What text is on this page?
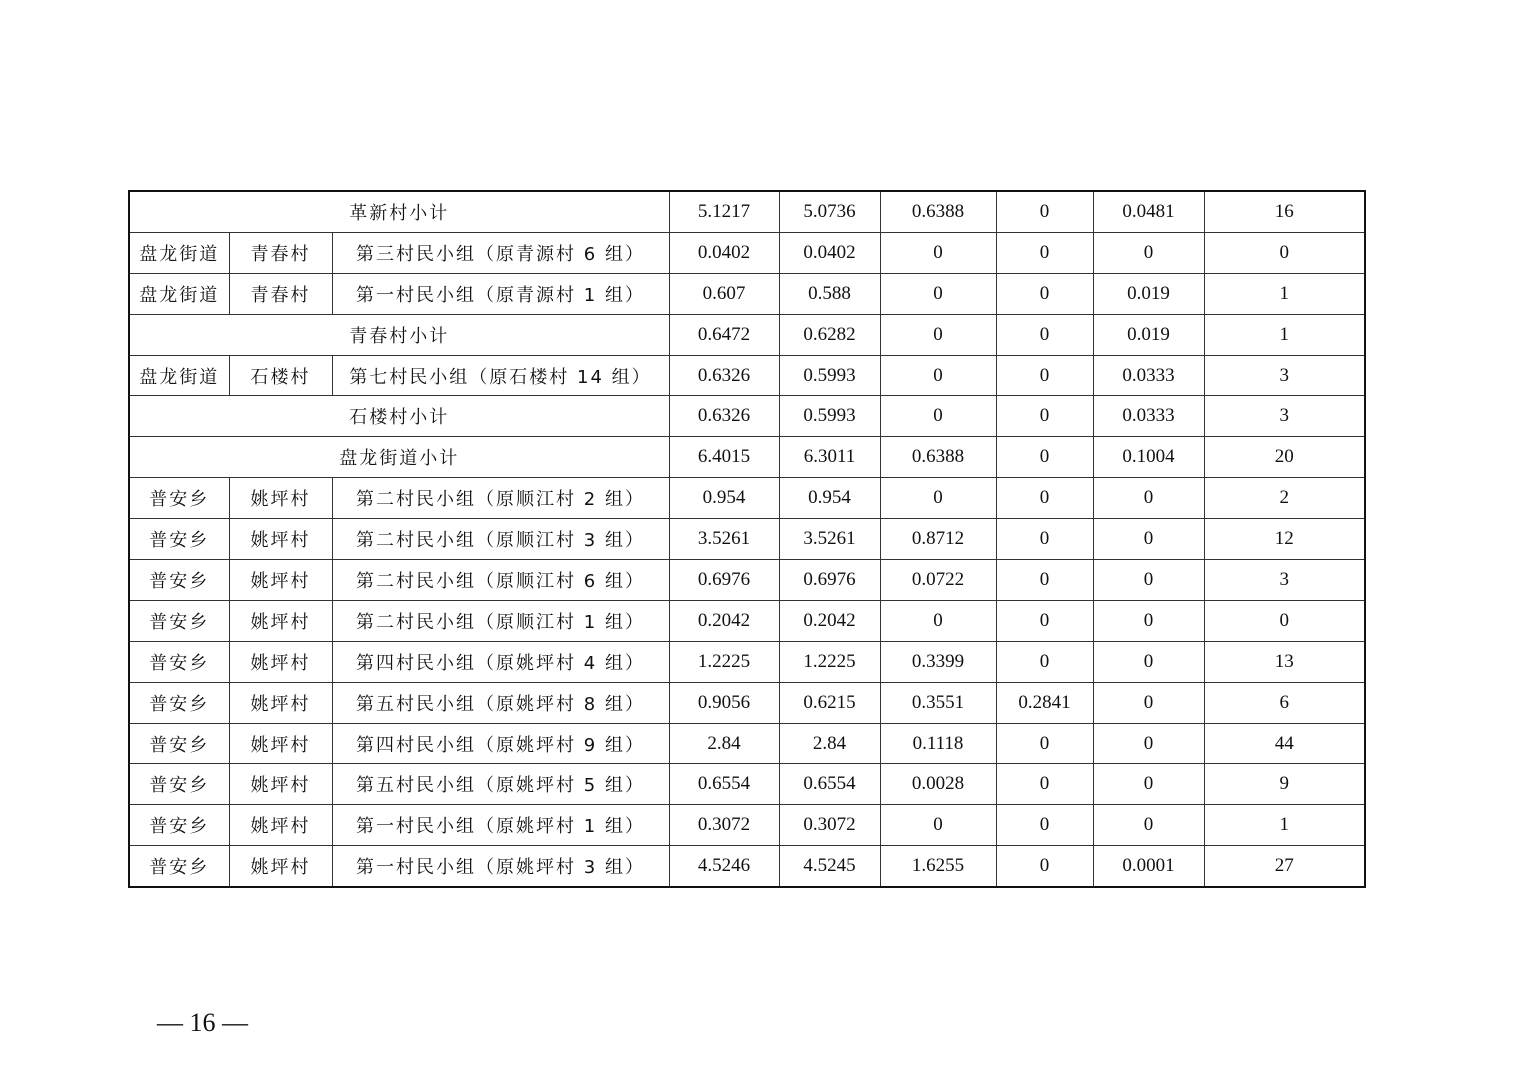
革新村小计			5.1217	5.0736	0.6388	0	0.0481	16
盘龙街道	青春村	第三村民小组（原青源村 6 组）	0.0402	0.0402	0	0	0	0
盘龙街道	青春村	第一村民小组（原青源村 1 组）	0.607	0.588	0	0	0.019	1
青春村小计			0.6472	0.6282	0	0	0.019	1
盘龙街道	石楼村	第七村民小组（原石楼村 14 组）	0.6326	0.5993	0	0	0.0333	3
石楼村小计			0.6326	0.5993	0	0	0.0333	3
盘龙街道小计			6.4015	6.3011	0.6388	0	0.1004	20
普安乡	姚坪村	第二村民小组（原顺江村 2 组）	0.954	0.954	0	0	0	2
普安乡	姚坪村	第二村民小组（原顺江村 3 组）	3.5261	3.5261	0.8712	0	0	12
普安乡	姚坪村	第二村民小组（原顺江村 6 组）	0.6976	0.6976	0.0722	0	0	3
普安乡	姚坪村	第二村民小组（原顺江村 1 组）	0.2042	0.2042	0	0	0	0
普安乡	姚坪村	第四村民小组（原姚坪村 4 组）	1.2225	1.2225	0.3399	0	0	13
普安乡	姚坪村	第五村民小组（原姚坪村 8 组）	0.9056	0.6215	0.3551	0.2841	0	6
普安乡	姚坪村	第四村民小组（原姚坪村 9 组）	2.84	2.84	0.1118	0	0	44
普安乡	姚坪村	第五村民小组（原姚坪村 5 组）	0.6554	0.6554	0.0028	0	0	9
普安乡	姚坪村	第一村民小组（原姚坪村 1 组）	0.3072	0.3072	0	0	0	1
普安乡	姚坪村	第一村民小组（原姚坪村 3 组）	4.5246	4.5245	1.6255	0	0.0001	27
— 16 —
